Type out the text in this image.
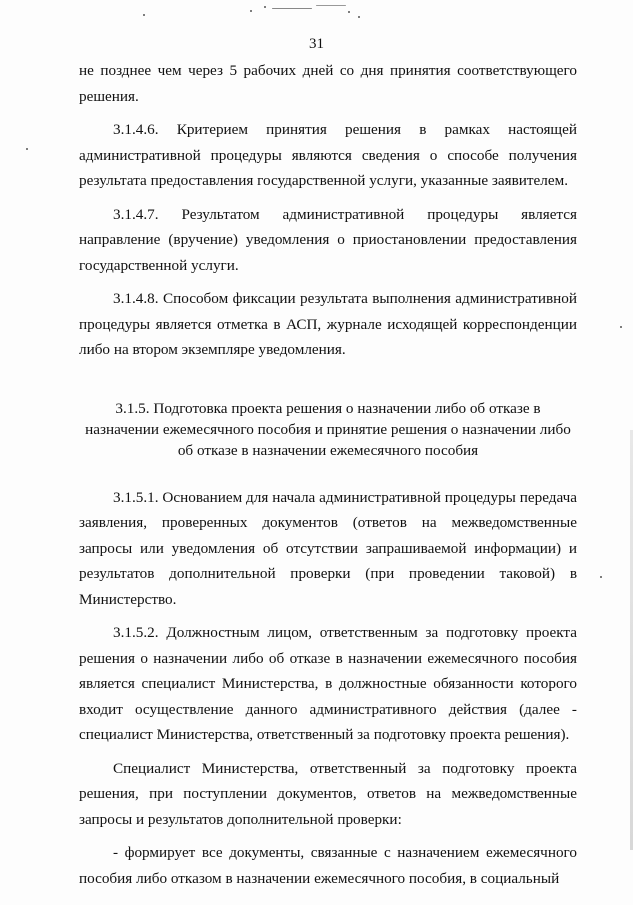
31

не позднее чем через 5 рабочих дней со дня принятия соответствующего решения.

3.1.4.6. Критерием принятия решения в рамках настоящей административной процедуры являются сведения о способе получения результата предоставления государственной услуги, указанные заявителем.

3.1.4.7. Результатом административной процедуры является направление (вручение) уведомления о приостановлении предоставления государственной услуги.

3.1.4.8. Способом фиксации результата выполнения административной процедуры является отметка в АСП, журнале исходящей корреспонденции либо на втором экземпляре уведомления.

3.1.5. Подготовка проекта решения о назначении либо об отказе в назначении ежемесячного пособия и принятие решения о назначении либо об отказе в назначении ежемесячного пособия

3.1.5.1. Основанием для начала административной процедуры передача заявления, проверенных документов (ответов на межведомственные запросы или уведомления об отсутствии запрашиваемой информации) и результатов дополнительной проверки (при проведении таковой) в Министерство.

3.1.5.2. Должностным лицом, ответственным за подготовку проекта решения о назначении либо об отказе в назначении ежемесячного пособия является специалист Министерства, в должностные обязанности которого входит осуществление данного административного действия (далее - специалист Министерства, ответственный за подготовку проекта решения).

Специалист Министерства, ответственный за подготовку проекта решения, при поступлении документов, ответов на межведомственные запросы и результатов дополнительной проверки:

- формирует все документы, связанные с назначением ежемесячного пособия либо отказом в назначении ежемесячного пособия, в социальный
